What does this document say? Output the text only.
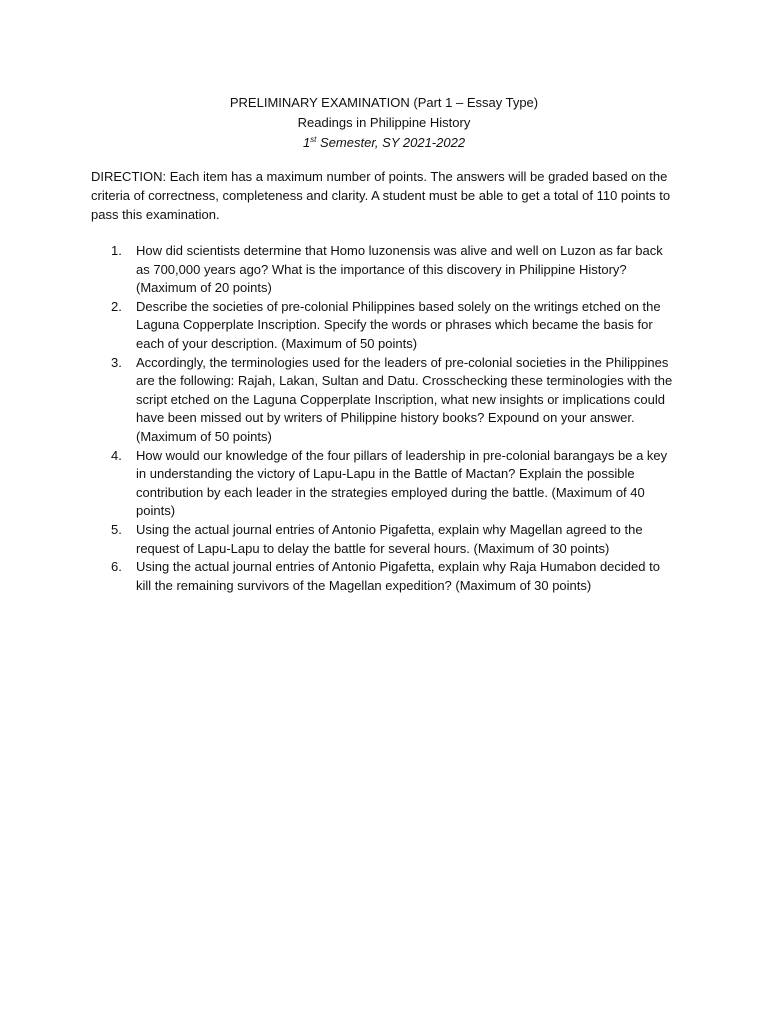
PRELIMINARY EXAMINATION (Part 1 – Essay Type)
Readings in Philippine History
1st Semester, SY 2021-2022

DIRECTION: Each item has a maximum number of points. The answers will be graded based on the criteria of correctness, completeness and clarity. A student must be able to get a total of 110 points to pass this examination.

1. How did scientists determine that Homo luzonensis was alive and well on Luzon as far back as 700,000 years ago? What is the importance of this discovery in Philippine History? (Maximum of 20 points)
2. Describe the societies of pre-colonial Philippines based solely on the writings etched on the Laguna Copperplate Inscription. Specify the words or phrases which became the basis for each of your description. (Maximum of 50 points)
3. Accordingly, the terminologies used for the leaders of pre-colonial societies in the Philippines are the following: Rajah, Lakan, Sultan and Datu. Crosschecking these terminologies with the script etched on the Laguna Copperplate Inscription, what new insights or implications could have been missed out by writers of Philippine history books? Expound on your answer. (Maximum of 50 points)
4. How would our knowledge of the four pillars of leadership in pre-colonial barangays be a key in understanding the victory of Lapu-Lapu in the Battle of Mactan? Explain the possible contribution by each leader in the strategies employed during the battle. (Maximum of 40 points)
5. Using the actual journal entries of Antonio Pigafetta, explain why Magellan agreed to the request of Lapu-Lapu to delay the battle for several hours. (Maximum of 30 points)
6. Using the actual journal entries of Antonio Pigafetta, explain why Raja Humabon decided to kill the remaining survivors of the Magellan expedition? (Maximum of 30 points)
